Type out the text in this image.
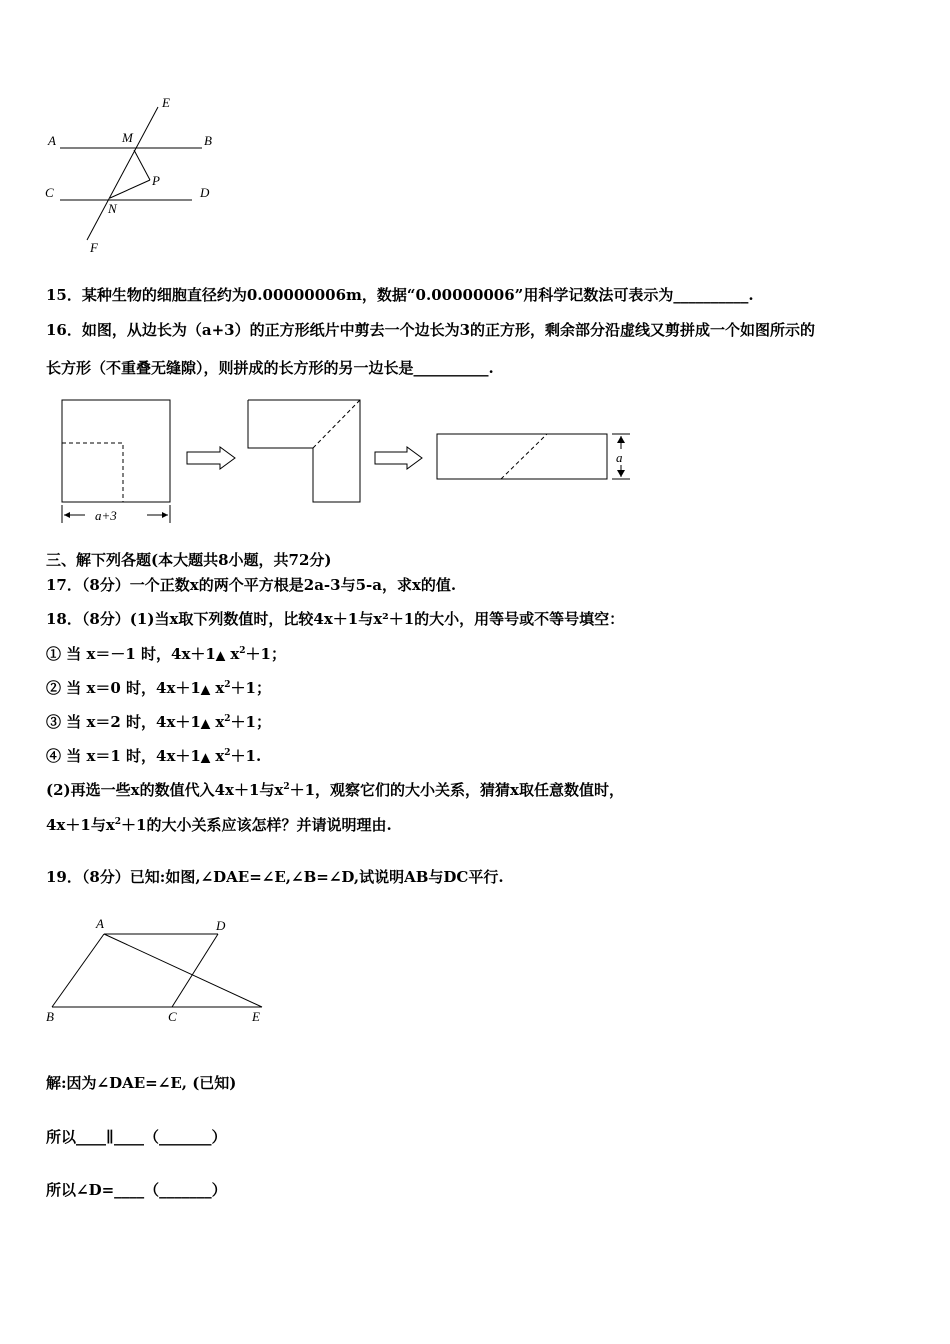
A	M	B
E
P
C	D
N
F
15．某种生物的细胞直径约为0.00000006m，数据“0.00000006”用科学记数法可表示为__________.
16．如图，从边长为（a+3）的正方形纸片中剪去一个边长为3的正方形，剩余部分沿虚线又剪拼成一个如图所示的
长方形（不重叠无缝隙），则拼成的长方形的另一边长是__________.
a+3
a
三、解下列各题(本大题共8小题，共72分)
17．（8分）一个正数x的两个平方根是2a-3与5-a，求x的值.
18．（8分）(1)当x取下列数值时，比较4x＋1与x²＋1的大小，用等号或不等号填空：
① 当 x＝－1 时，4x＋1▲ $x^2+1$；
② 当 x＝0 时，4x＋1▲ $x^2+1$；
③ 当 x＝2 时，4x＋1▲ $x^2+1$；
④ 当 x＝1 时，4x＋1▲ $x^2+1$.
(2)再选一些x的数值代入4x＋1与$x^2+1$，观察它们的大小关系，猜猜x取任意数值时，
4x＋1与$x^2+1$的大小关系应该怎样？并请说明理由.
19．（8分）已知:如图,∠DAE=∠E,∠B=∠D,试说明AB与DC平行.
A	D
B	C	E
解:因为∠DAE=∠E, (已知)
所以____∥____（_______）
所以∠D=____（_______）
